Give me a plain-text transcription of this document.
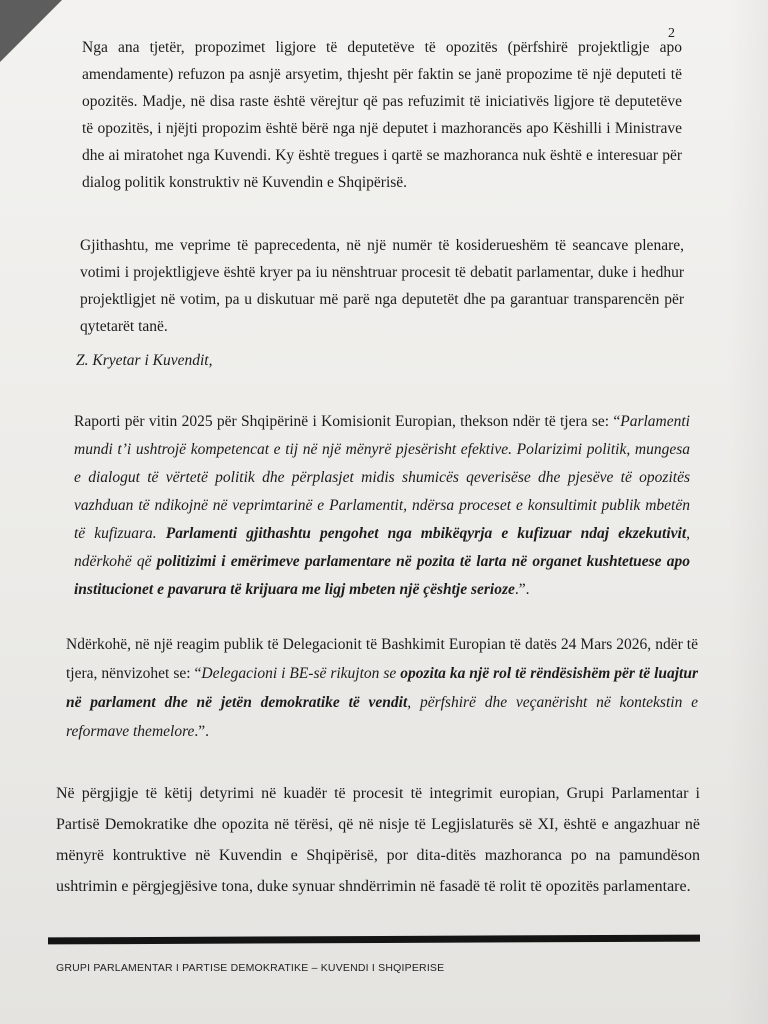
2

Nga ana tjetër, propozimet ligjore të deputetëve të opozitës (përfshirë projektligje apo amendamente) refuzon pa asnjë arsyetim, thjesht për faktin se janë propozime të një deputeti të opozitës. Madje, në disa raste është vërejtur që pas refuzimit të iniciativës ligjore të deputetëve të opozitës, i njëjti propozim është bërë nga një deputet i mazhorancës apo Këshilli i Ministrave dhe ai miratohet nga Kuvendi. Ky është tregues i qartë se mazhoranca nuk është e interesuar për dialog politik konstruktiv në Kuvendin e Shqipërisë.

Gjithashtu, me veprime të paprecedenta, në një numër të kosiderueshëm të seancave plenare, votimi i projektligjeve është kryer pa iu nënshtruar procesit të debatit parlamentar, duke i hedhur projektligjet në votim, pa u diskutuar më parë nga deputetët dhe pa garantuar transparencën për qytetarët tanë.

Z. Kryetar i Kuvendit,

Raporti për vitin 2025 për Shqipërinë i Komisionit Europian, thekson ndër të tjera se: “Parlamenti mundi t’i ushtrojë kompetencat e tij në një mënyrë pjesërisht efektive. Polarizimi politik, mungesa e dialogut të vërtetë politik dhe përplasjet midis shumicës qeverisëse dhe pjesëve të opozitës vazhduan të ndikojnë në veprimtarinë e Parlamentit, ndërsa proceset e konsultimit publik mbetën të kufizuara. Parlamenti gjithashtu pengohet nga mbikëqyrja e kufizuar ndaj ekzekutivit, ndërkohë që politizimi i emërimeve parlamentare në pozita të larta në organet kushtetuese apo institucionet e pavarura të krijuara me ligj mbeten një çështje serioze.”.

Ndërkohë, në një reagim publik të Delegacionit të Bashkimit Europian të datës 24 Mars 2026, ndër të tjera, nënvizohet se: “Delegacioni i BE-së rikujton se opozita ka një rol të rëndësishëm për të luajtur në parlament dhe në jetën demokratike të vendit, përfshirë dhe veçanërisht në kontekstin e reformave themelore.”.

Në përgjigje të këtij detyrimi në kuadër të procesit të integrimit europian, Grupi Parlamentar i Partisë Demokratike dhe opozita në tërësi, që në nisje të Legjislaturës së XI, është e angazhuar në mënyrë kontruktive në Kuvendin e Shqipërisë, por dita-ditës mazhoranca po na pamundëson ushtrimin e përgjegjësive tona, duke synuar shndërrimin në fasadë të rolit të opozitës parlamentare.

GRUPI PARLAMENTAR I PARTISE DEMOKRATIKE – KUVENDI I SHQIPERISE
